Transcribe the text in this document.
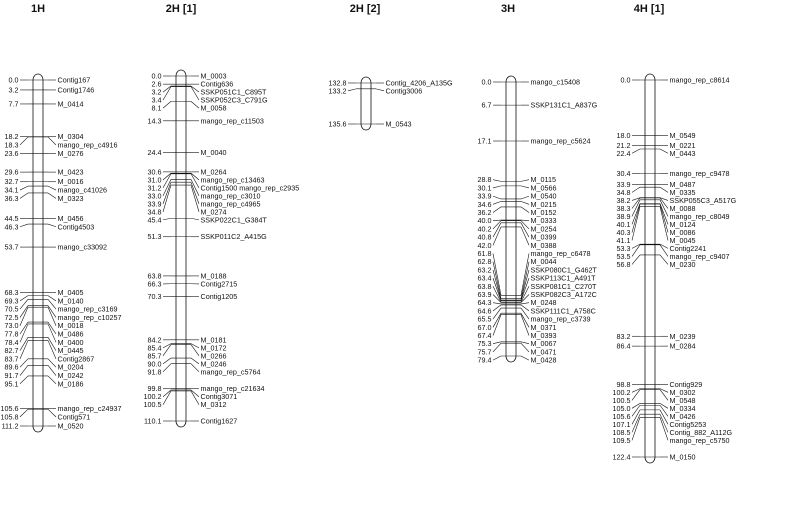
1H
0.0	Contig167
3.2	Contig1746
7.7	M_0414
18.2	M_0304
18.3	mango_rep_c4916
23.6	M_0276
29.6	M_0423
32.7	M_0016
34.1	mango_c41026
36.3	M_0323
44.5	M_0456
46.3	Contig4503
53.7	mango_c33092
68.3	M_0405
69.3	M_0140
70.5	mango_rep_c3169
72.5	mango_rep_c10257
73.0	M_0018
77.8	M_0486
78.4	M_0400
82.7	M_0445
83.7	Contig2867
89.6	M_0204
91.7	M_0242
95.1	M_0186
105.6	mango_rep_c24937
105.8	Contig571
111.2	M_0520
2H [1]
0.0	M_0003
2.6	Contig636
3.2	SSKP051C1_C895T
3.4	SSKP052C3_C791G
8.1	M_0058
14.3	mango_rep_c11503
24.4	M_0040
30.6	M_0264
31.0	mango_rep_c13463
31.2	Contig1500 mango_rep_c2935
33.0	mango_rep_c3010
33.9	mango_rep_c4965
34.8	M_0274
45.4	SSKP022C1_G384T
51.3	SSKP011C2_A415G
63.8	M_0188
66.3	Contig2715
70.3	Contig1205
84.2	M_0181
85.4	M_0172
85.7	M_0266
90.0	M_0246
91.8	mango_rep_c5764
99.8	mango_rep_c21634
100.2	Contig3071
100.5	M_0312
110.1	Contig1627
2H [2]
132.8	Contig_4206_A135G
133.2	Contig3006
135.6	M_0543
3H
0.0	mango_c15408
6.7	SSKP131C1_A837G
17.1	mango_rep_c5624
28.8	M_0115
30.1	M_0566
33.9	M_0540
34.6	M_0215
36.2	M_0152
40.0	M_0333
40.2	M_0254
40.8	M_0399
42.0	M_0388
61.8	mango_rep_c6478
62.8	M_0044
63.2	SSKP080C1_G462T
63.4	SSKP113C1_A491T
63.8	SSKP081C1_C270T
63.9	SSKP082C3_A172C
64.3	M_0248
64.6	SSKP111C1_A758C
65.5	mango_rep_c3739
67.0	M_0371
67.4	M_0393
75.3	M_0067
75.7	M_0471
79.4	M_0428
4H [1]
0.0	mango_rep_c8614
18.0	M_0549
21.2	M_0221
22.4	M_0443
30.4	mango_rep_c9478
33.9	M_0487
34.8	M_0335
38.2	SSKP055C3_A517G
38.3	M_0088
38.9	mango_rep_c8049
40.1	M_0124
40.3	M_0086
41.1	M_0045
53.3	Contig2241
53.5	mango_rep_c9407
56.8	M_0230
83.2	M_0239
86.4	M_0284
98.8	Contig929
100.2	M_0302
100.5	M_0548
105.0	M_0334
105.6	M_0426
107.1	Contig5253
108.5	Contig_882_A112G
109.5	mango_rep_c5750
122.4	M_0150
